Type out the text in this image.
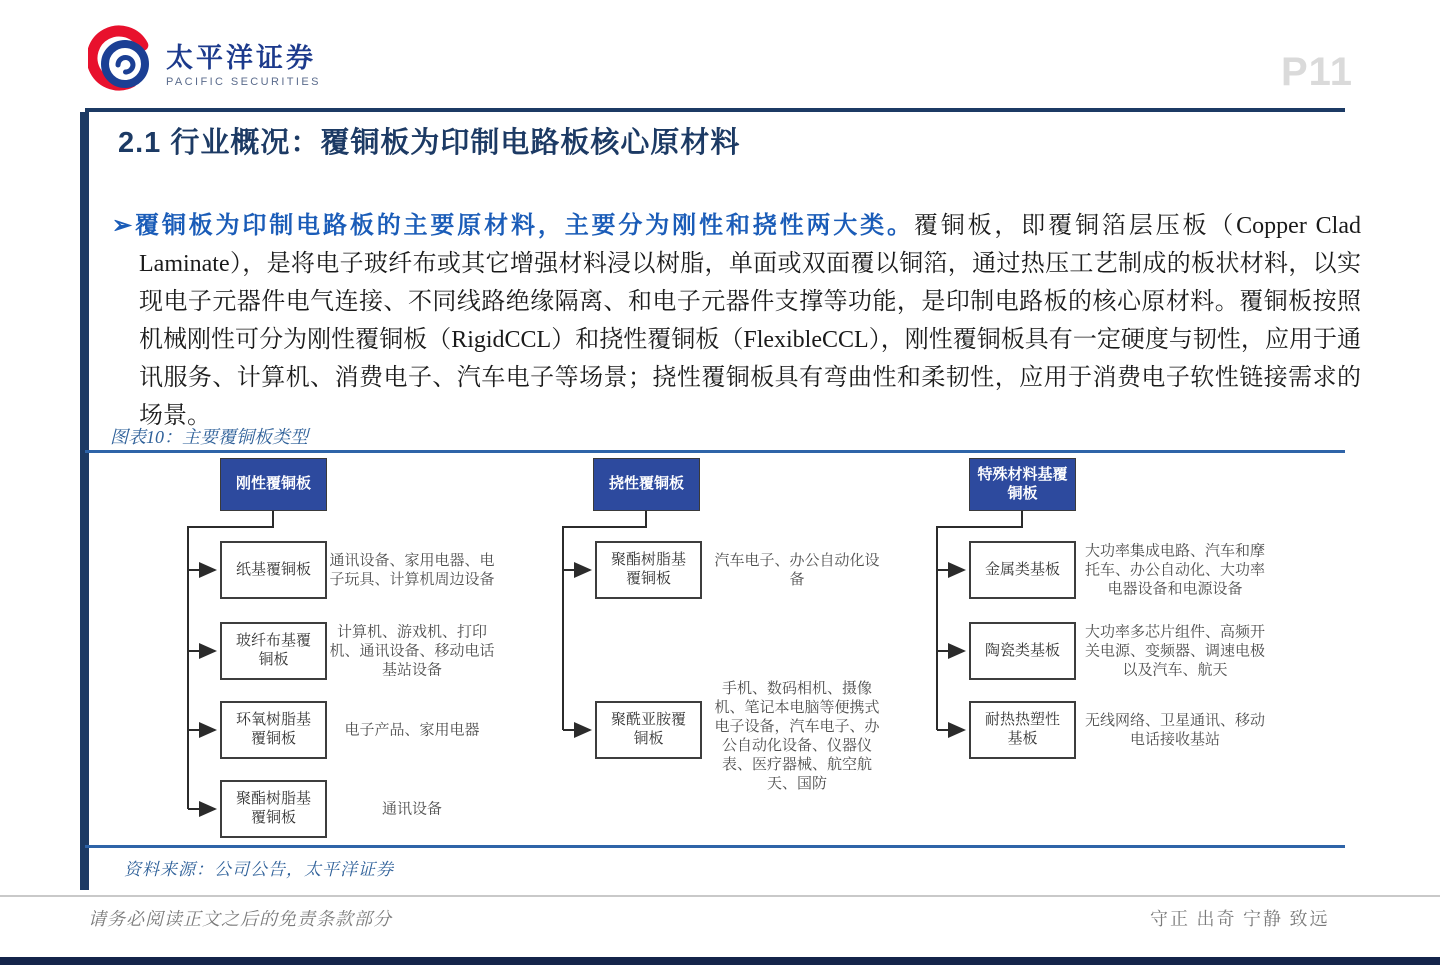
太平洋证券
PACIFIC SECURITIES	P11
2.1 行业概况：覆铜板为印制电路板核心原材料

➢覆铜板为印制电路板的主要原材料，主要分为刚性和挠性两大类。覆铜板，即覆铜箔层压板（Copper Clad Laminate），是将电子玻纤布或其它增强材料浸以树脂，单面或双面覆以铜箔，通过热压工艺制成的板状材料，以实现电子元器件电气连接、不同线路绝缘隔离、和电子元器件支撑等功能，是印制电路板的核心原材料。覆铜板按照机械刚性可分为刚性覆铜板（RigidCCL）和挠性覆铜板（FlexibleCCL），刚性覆铜板具有一定硬度与韧性，应用于通讯服务、计算机、消费电子、汽车电子等场景；挠性覆铜板具有弯曲性和柔韧性，应用于消费电子软性链接需求的场景。

图表10：主要覆铜板类型
刚性覆铜板
纸基覆铜板
玻纤布基覆铜板
环氧树脂基覆铜板
聚酯树脂基覆铜板
通讯设备、家用电器、电子玩具、计算机周边设备
计算机、游戏机、打印机、通讯设备、移动电话基站设备
电子产品、家用电器
通讯设备
挠性覆铜板
聚酯树脂基覆铜板
聚酰亚胺覆铜板
汽车电子、办公自动化设备
手机、数码相机、摄像机、笔记本电脑等便携式电子设备，汽车电子、办公自动化设备、仪器仪表、医疗器械、航空航天、国防
特殊材料基覆铜板
金属类基板
陶瓷类基板
耐热热塑性基板
大功率集成电路、汽车和摩托车、办公自动化、大功率电器设备和电源设备
大功率多芯片组件、高频开关电源、变频器、调速电极以及汽车、航天
无线网络、卫星通讯、移动电话接收基站
资料来源：公司公告，太平洋证券
请务必阅读正文之后的免责条款部分	守正 出奇 宁静 致远
